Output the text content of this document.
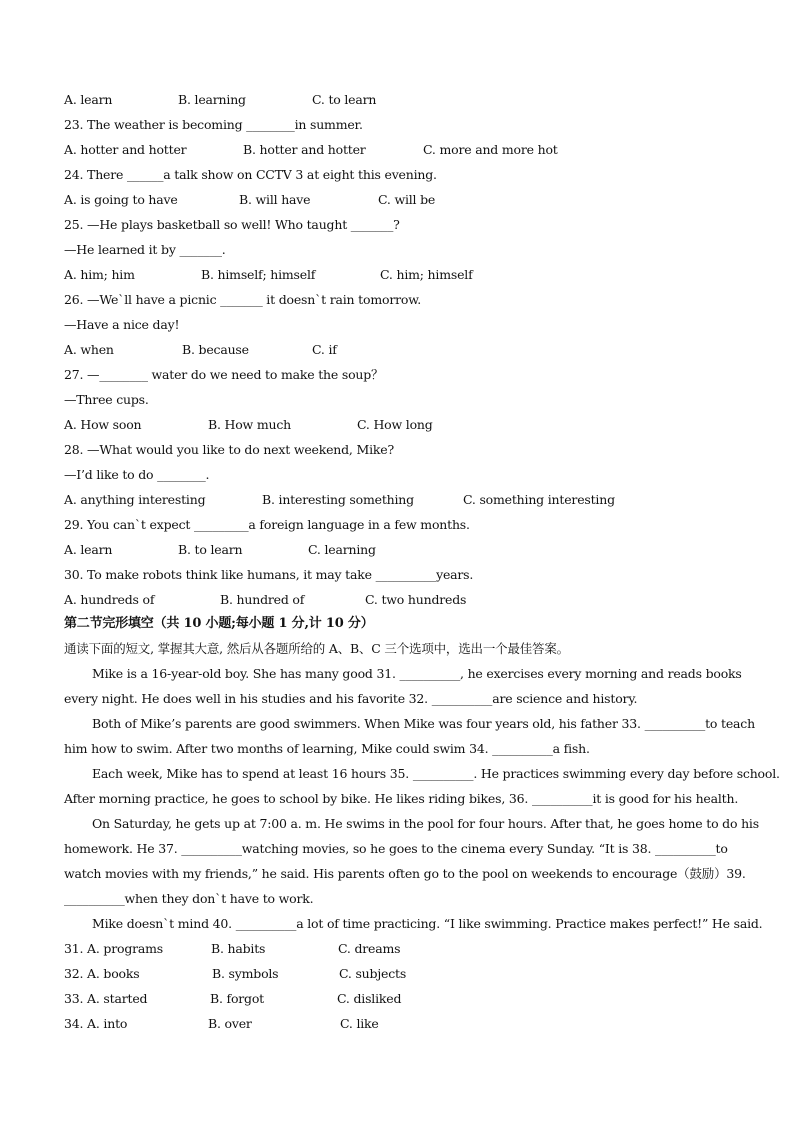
A. learn	B. learning	C. to learn
23. The weather is becoming ________in summer.
A. hotter and hotter	B. hotter and hotter	C. more and more hot
24. There ______a talk show on CCTV 3 at eight this evening.
A. is going to have	B. will have	C. will be
25. —He plays basketball so well! Who taught _______?
—He learned it by _______.
A. him; him	B. himself; himself	C. him; himself
26. —We`ll have a picnic _______ it doesn`t rain tomorrow.
—Have a nice day!
A. when	B. because	C. if
27. —________ water do we need to make the soup？
—Three cups.
A. How soon	B. How much	C. How long
28. —What would you like to do next weekend, Mike?
—I’d like to do ________.
A. anything interesting	B. interesting something	C. something interesting
29. You can`t expect _________a foreign language in a few months.
A. learn	B. to learn	C. learning
30. To make robots think like humans, it may take __________years.
A. hundreds of	B. hundred of	C. two hundreds
第二节完形填空（共 10 小题;每小题 1 分,计 10 分）
通读下面的短文, 掌握其大意, 然后从各题所给的 A、B、C 三个选项中，选出一个最佳答案。
Mike is a 16-year-old boy. She has many good 31. __________, he exercises every morning and reads books
every night. He does well in his studies and his favorite 32. __________are science and history.
Both of Mike’s parents are good swimmers. When Mike was four years old, his father 33. __________to teach
him how to swim. After two months of learning, Mike could swim 34. __________a fish.
Each week, Mike has to spend at least 16 hours 35. __________. He practices swimming every day before school.
After morning practice, he goes to school by bike. He likes riding bikes, 36. __________it is good for his health.
On Saturday, he gets up at 7:00 a. m. He swims in the pool for four hours. After that, he goes home to do his
homework. He 37. __________watching movies, so he goes to the cinema every Sunday. “It is 38. __________to
watch movies with my friends,” he said. His parents often go to the pool on weekends to encourage（鼓励）39.
__________when they don`t have to work.
Mike doesn`t mind 40. __________a lot of time practicing. “I like swimming. Practice makes perfect!” He said.
31. A. programs	B. habits	C. dreams
32. A. books	B. symbols	C. subjects
33. A. started	B. forgot	C. disliked
34. A. into	B. over	C. like
